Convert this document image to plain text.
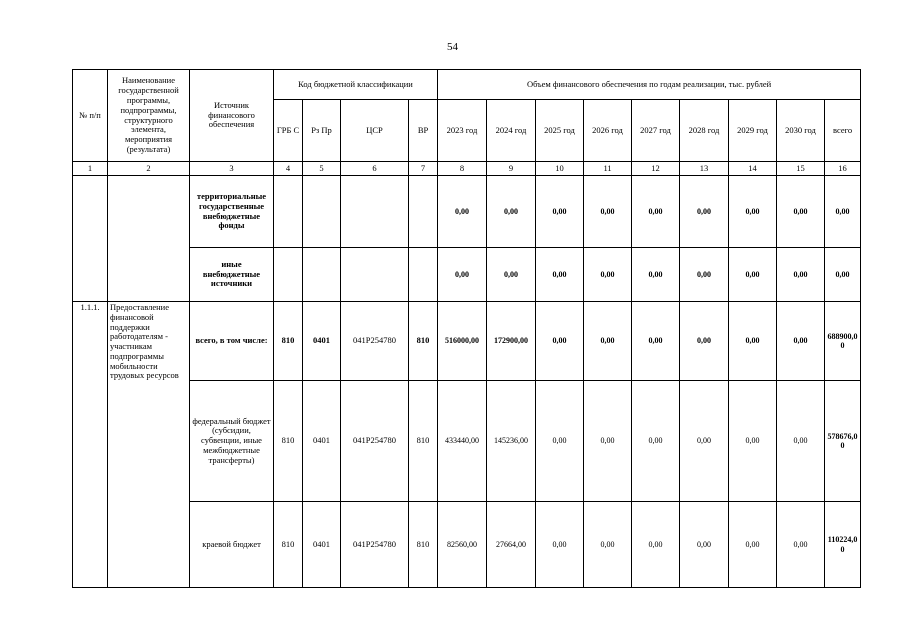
54
№ п/п	Наименование государственной программы, подпрограммы, структурного элемента, мероприятия (результата)	Источник финансового обеспечения	Код бюджетной классификации				Объем финансового обеспечения по годам реализации, тыс. рублей								
			ГРБ С	Рз Пр	ЦСР	ВР	2023 год	2024 год	2025 год	2026 год	2027 год	2028 год	2029 год	2030 год	всего
1	2	3	4	5	6	7	8	9	10	11	12	13	14	15	16
		территориальные государственные внебюджетные фонды					0,00	0,00	0,00	0,00	0,00	0,00	0,00	0,00	0,00
		иные внебюджетные источники					0,00	0,00	0,00	0,00	0,00	0,00	0,00	0,00	0,00
1.1.1.	Предоставление финансовой поддержки работодателям - участникам подпрограммы мобильности трудовых ресурсов	всего, в том числе:	810	0401	041P254780	810	516000,00	172900,00	0,00	0,00	0,00	0,00	0,00	0,00	688900,00
		федеральный бюджет (субсидии, субвенции, иные межбюджетные трансферты)	810	0401	041P254780	810	433440,00	145236,00	0,00	0,00	0,00	0,00	0,00	0,00	578676,00
		краевой бюджет	810	0401	041P254780	810	82560,00	27664,00	0,00	0,00	0,00	0,00	0,00	0,00	110224,00
